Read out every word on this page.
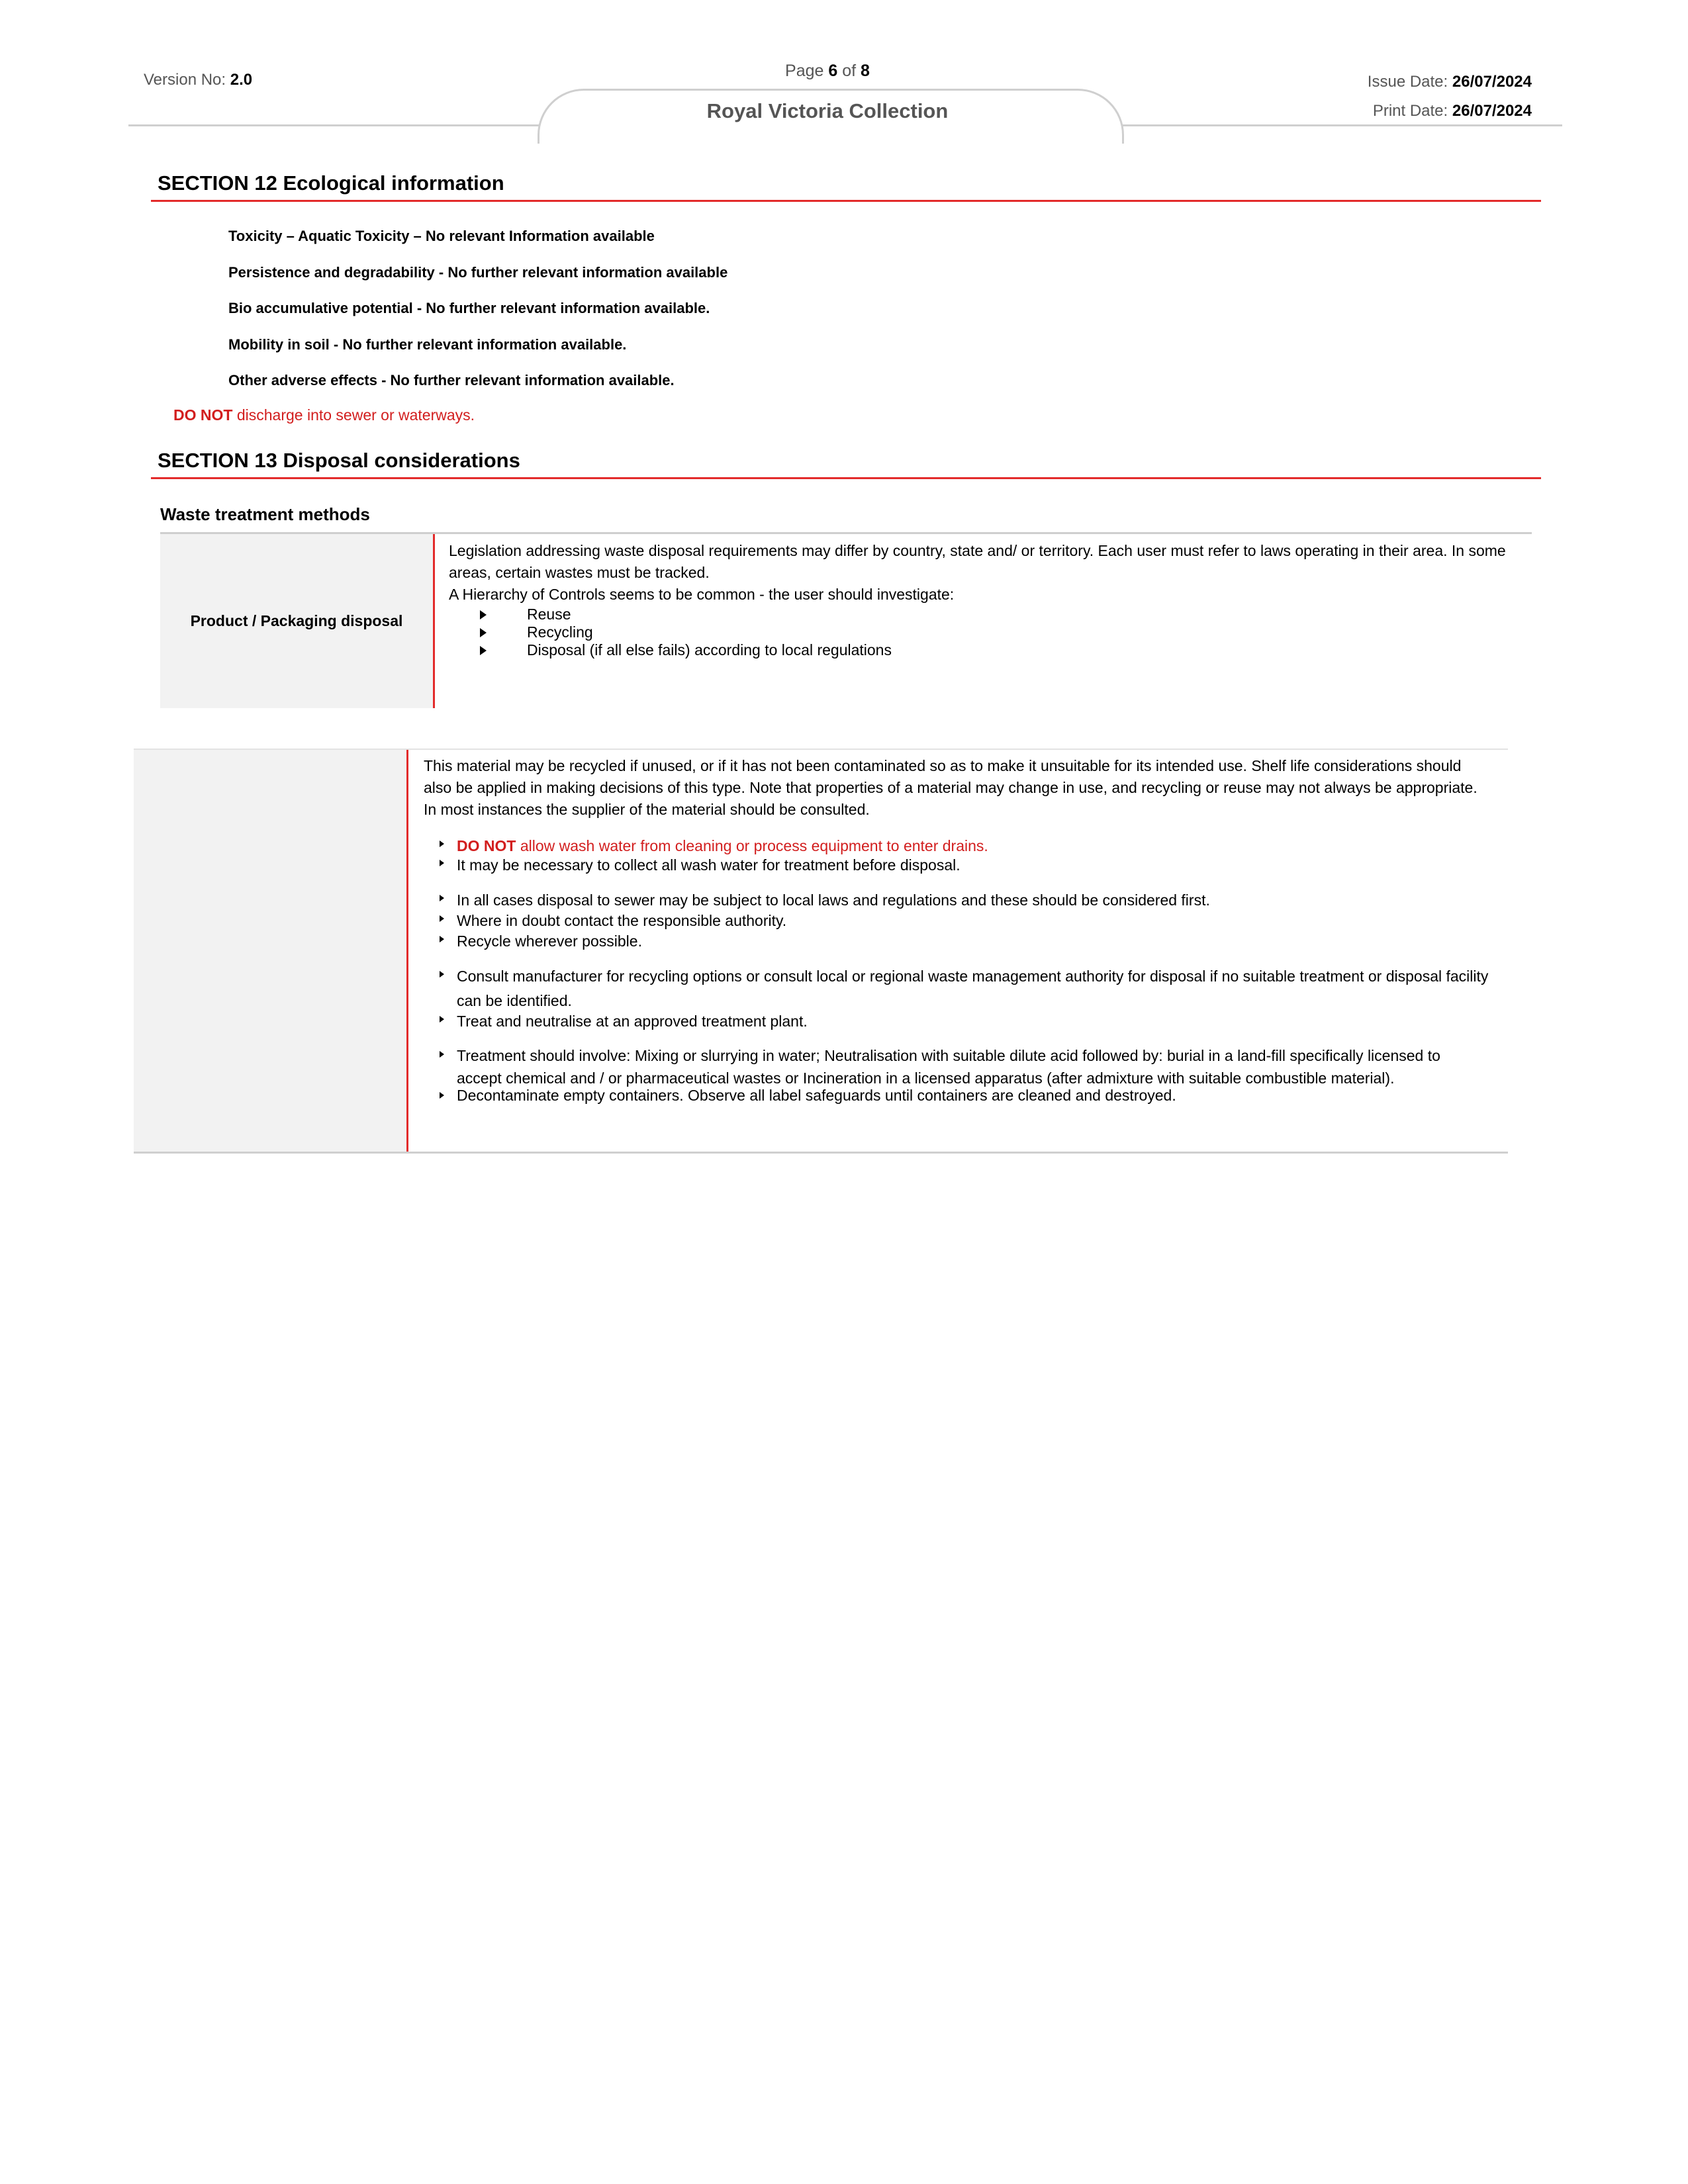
Version No: 2.0	Page 6 of 8
Royal Victoria Collection
Issue Date: 26/07/2024
Print Date: 26/07/2024
SECTION 12 Ecological information
Toxicity – Aquatic Toxicity – No relevant Information available
Persistence and degradability - No further relevant information available
Bio accumulative potential - No further relevant information available.
Mobility in soil - No further relevant information available.
Other adverse effects - No further relevant information available.
DO NOT discharge into sewer or waterways.
SECTION 13 Disposal considerations
Waste treatment methods
Product / Packaging disposal

Legislation addressing waste disposal requirements may differ by country, state and/ or territory. Each user must refer to laws operating in their area. In some areas, certain wastes must be tracked.

A Hierarchy of Controls seems to be common - the user should investigate:

Reuse
Recycling
Disposal (if all else fails) according to local regulations

This material may be recycled if unused, or if it has not been contaminated so as to make it unsuitable for its intended use. Shelf life considerations should also be applied in making decisions of this type. Note that properties of a material may change in use, and recycling or reuse may not always be appropriate. In most instances the supplier of the material should be consulted.

DO NOT allow wash water from cleaning or process equipment to enter drains.
It may be necessary to collect all wash water for treatment before disposal.
In all cases disposal to sewer may be subject to local laws and regulations and these should be considered first.
Where in doubt contact the responsible authority.
Recycle wherever possible.
Consult manufacturer for recycling options or consult local or regional waste management authority for disposal if no suitable treatment or disposal facility can be identified.
Treat and neutralise at an approved treatment plant.
Treatment should involve: Mixing or slurrying in water; Neutralisation with suitable dilute acid followed by: burial in a land-fill specifically licensed to accept chemical and / or pharmaceutical wastes or Incineration in a licensed apparatus (after admixture with suitable combustible material).
Decontaminate empty containers. Observe all label safeguards until containers are cleaned and destroyed.
